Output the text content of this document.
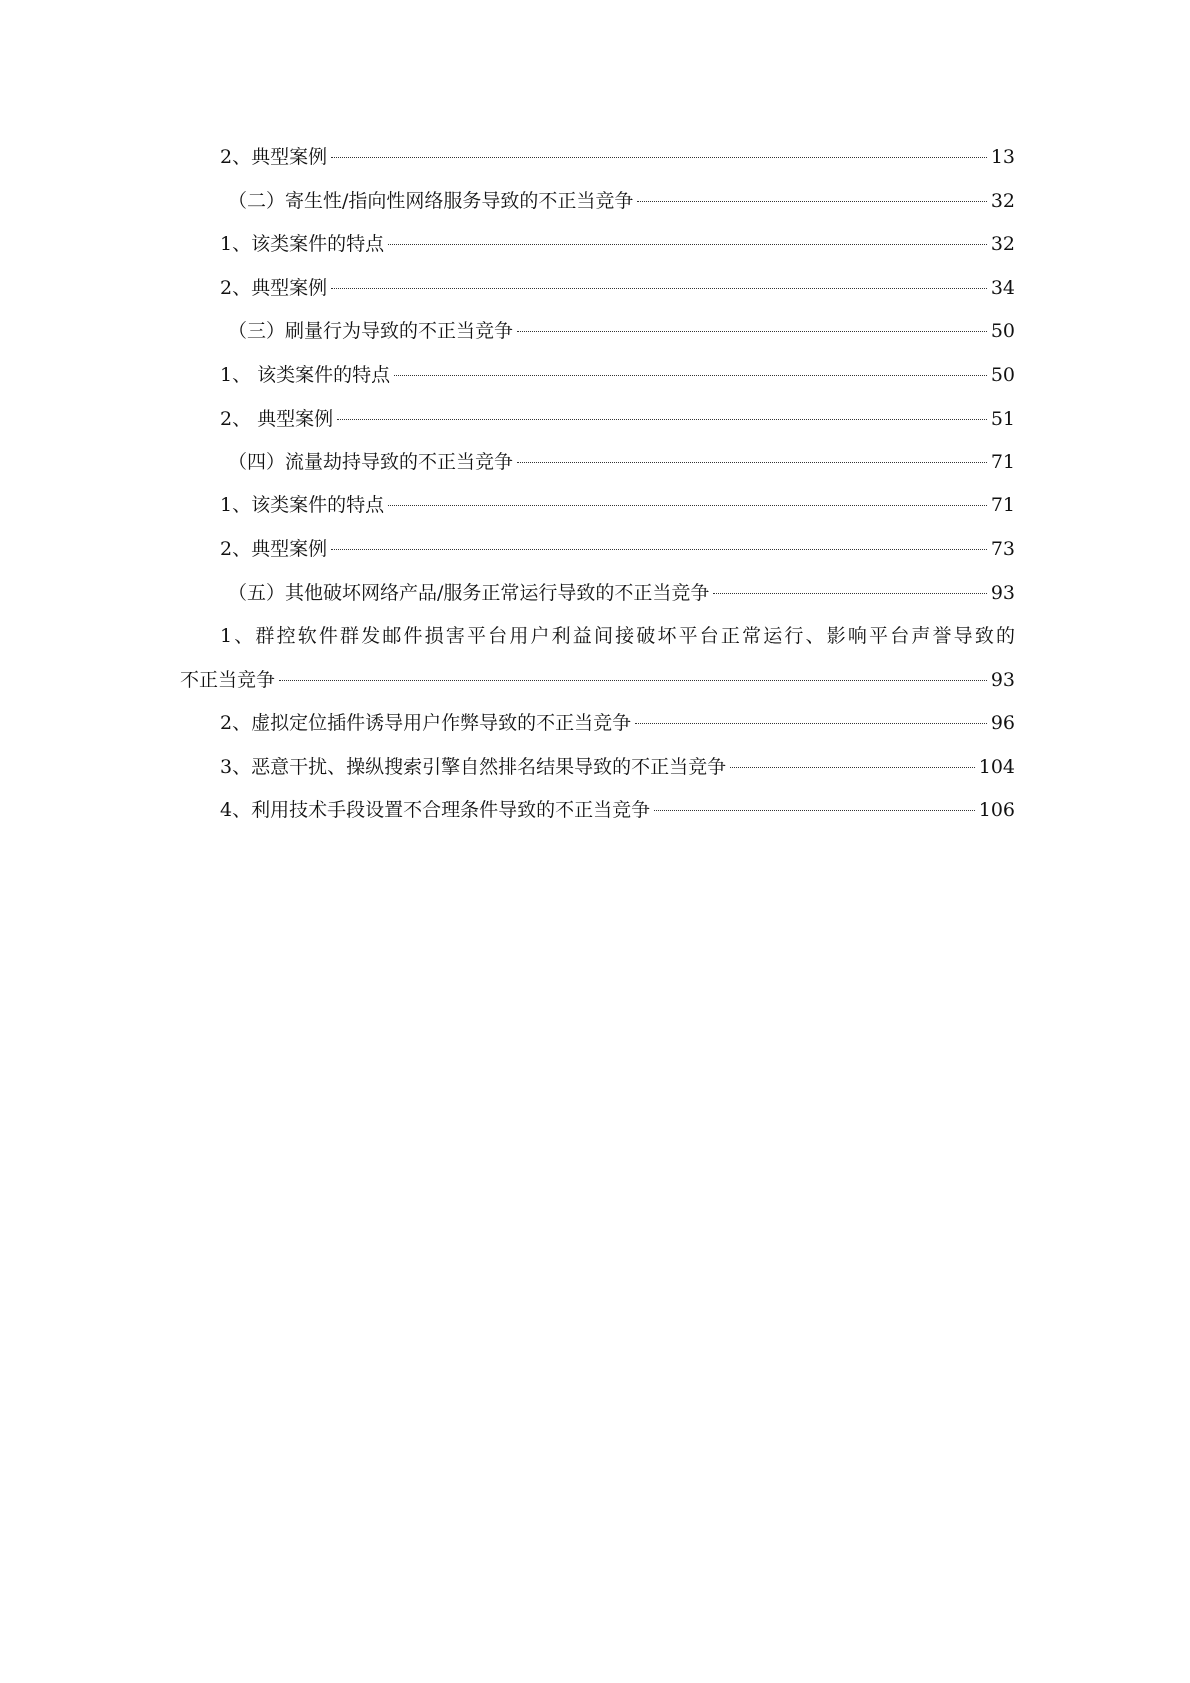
2、典型案例	13
（二）寄生性/指向性网络服务导致的不正当竞争	32
1、该类案件的特点	32
2、典型案例	34
（三）刷量行为导致的不正当竞争	50
1、 该类案件的特点	50
2、 典型案例	51
（四）流量劫持导致的不正当竞争	71
1、该类案件的特点	71
2、典型案例	73
（五）其他破坏网络产品/服务正常运行导致的不正当竞争	93
1、群控软件群发邮件损害平台用户利益间接破坏平台正常运行、影响平台声誉导致的
不正当竞争	93
2、虚拟定位插件诱导用户作弊导致的不正当竞争	96
3、恶意干扰、操纵搜索引擎自然排名结果导致的不正当竞争	104
4、利用技术手段设置不合理条件导致的不正当竞争	106
